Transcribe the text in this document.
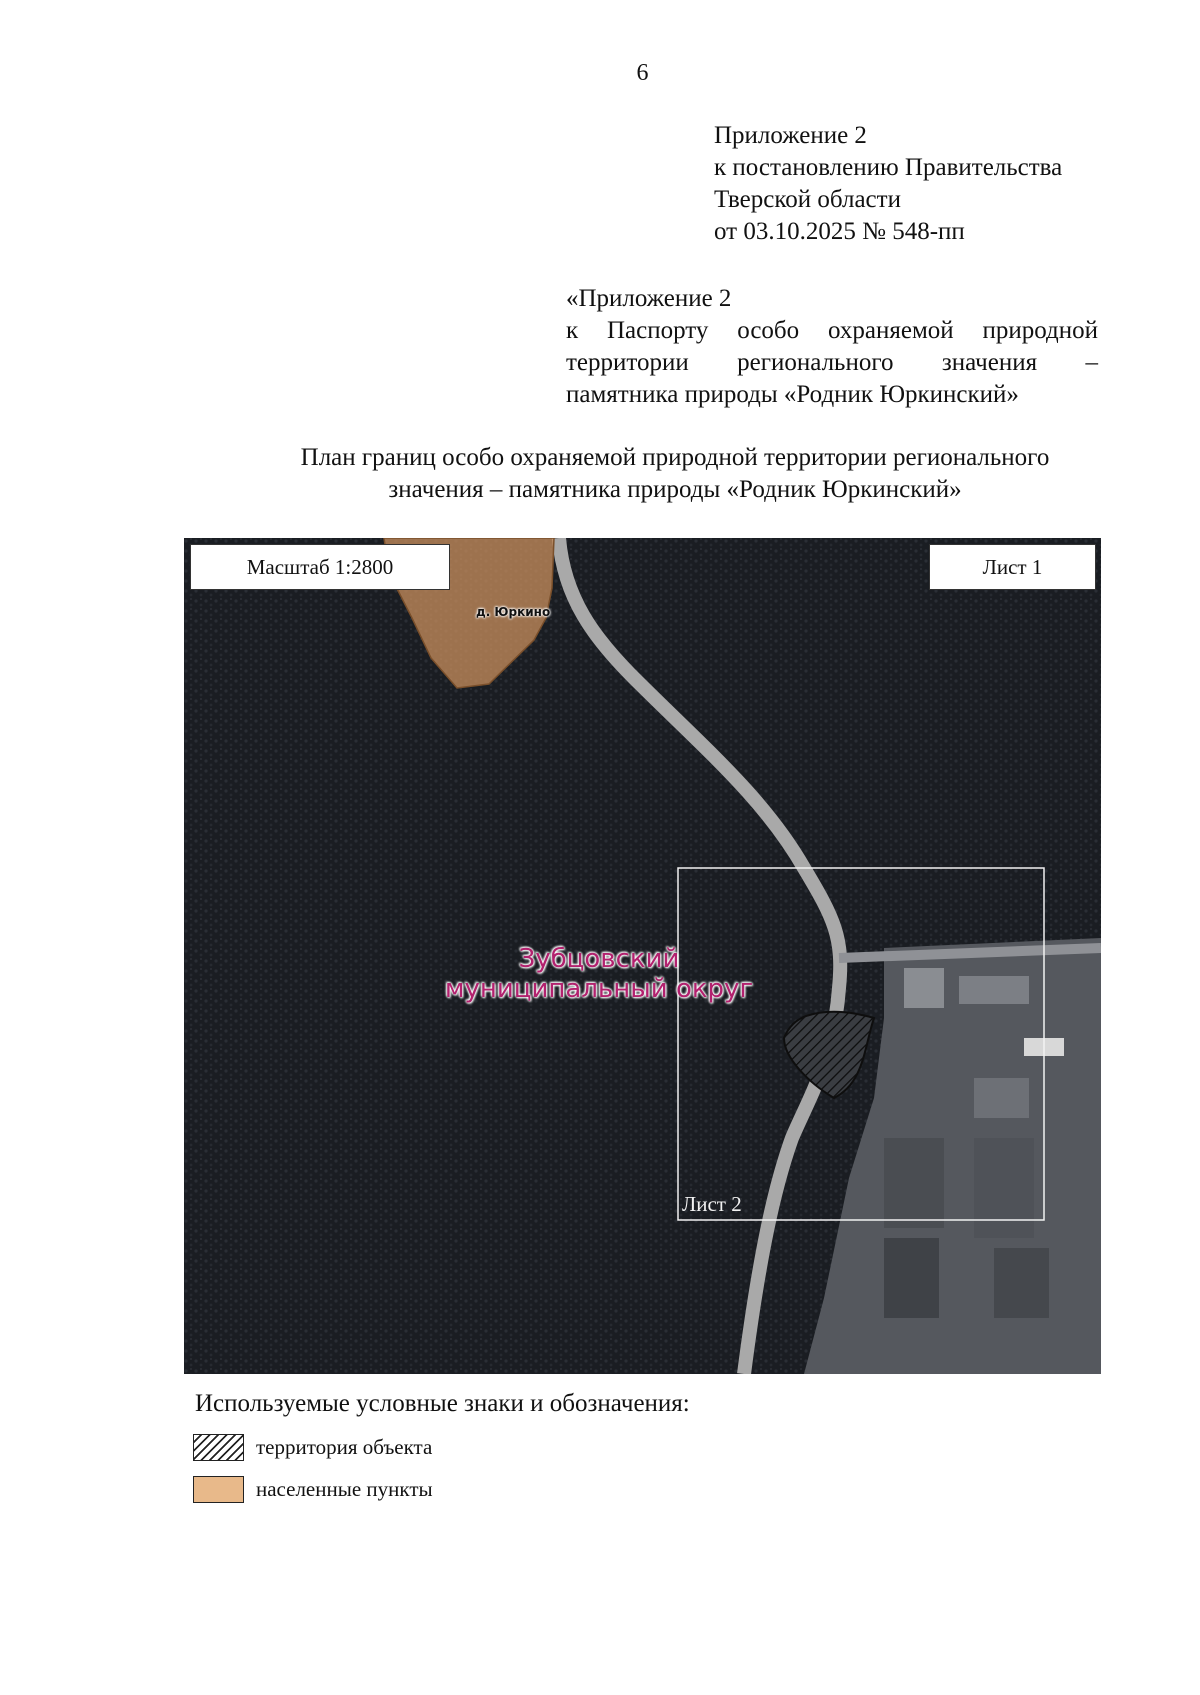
6
Приложение 2
к постановлению Правительства
Тверской области
от 03.10.2025 № 548-пп
«Приложение 2
к Паспорту особо охраняемой природной
территории регионального значения –
памятника природы «Родник Юркинский»
План границ особо охраняемой природной территории регионального
значения – памятника природы «Родник Юркинский»
Масштаб 1:2800	Лист 1
д. Юркино
Зубцовский муниципальный округ
Лист 2
Используемые условные знаки и обозначения:
территория объекта
населенные пункты
